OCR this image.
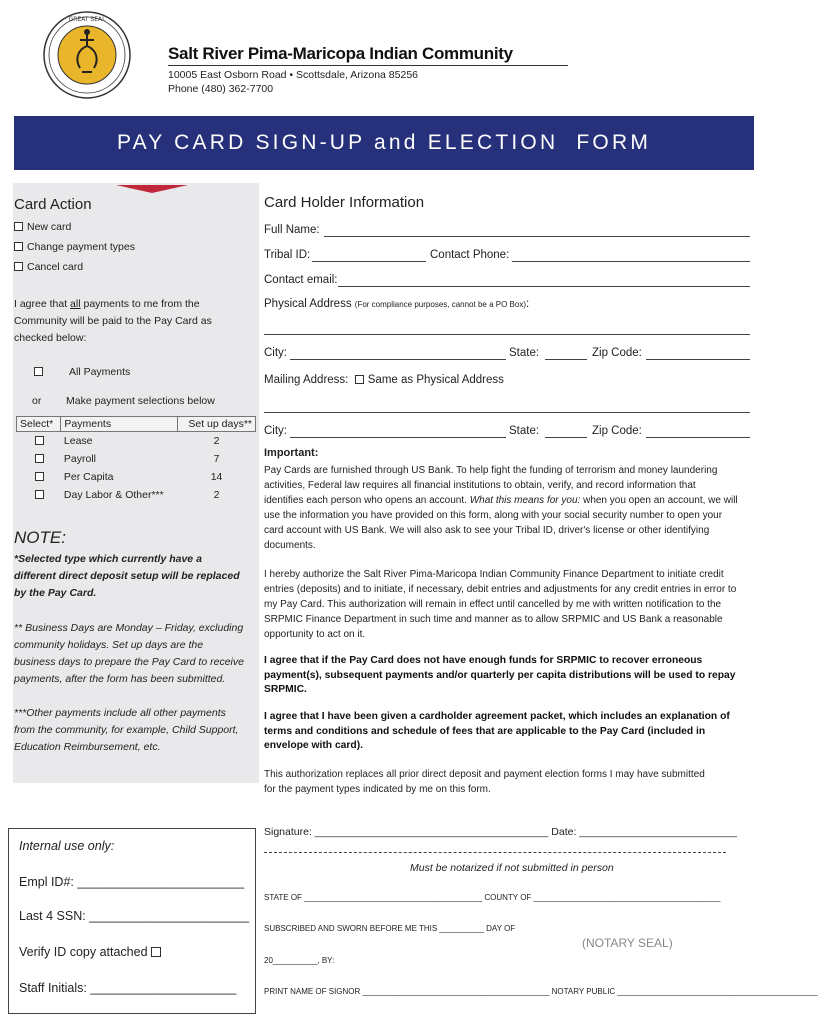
GREAT SEAL
Salt River Pima-Maricopa Indian Community
10005 East Osborn Road • Scottsdale, Arizona 85256
Phone (480) 362-7700
PAY CARD SIGN-UP and ELECTION  FORM
Card Action
New card
Change payment types
Cancel card
I agree that all payments to me from the
Community will be paid to the Pay Card as
checked below:
All Payments
or Make payment selections below
Select*	Payments	Set up days**
	Lease	2
	Payroll	7
	Per Capita	14
	Day Labor & Other***	2
NOTE:
*Selected type which currently have a
different direct deposit setup will be replaced
by the Pay Card.
** Business Days are Monday – Friday, excluding
community holidays. Set up days are the
business days to prepare the Pay Card to receive
payments, after the form has been submitted.
***Other payments include all other payments
from the community, for example, Child Support,
Education Reimbursement, etc.
Internal use only:
Empl ID#: ________________________
Last 4 SSN: _______________________
Verify ID copy attached
Staff Initials: _____________________
Card Holder Information
Full Name:
Tribal ID:	Contact Phone:
Contact email:
Physical Address (For compliance purposes, cannot be a PO Box):
City:	State:	Zip Code:
Mailing Address: Same as Physical Address
City:	State:	Zip Code:
Important:
Pay Cards are furnished through US Bank. To help fight the funding of terrorism and money laundering
activities, Federal law requires all financial institutions to obtain, verify, and record information that
identifies each person who opens an account. What this means for you: when you open an account, we will
use the information you have provided on this form, along with your social security number to open your
card account with US Bank. We will also ask to see your Tribal ID, driver's license or other identifying
documents.
I hereby authorize the Salt River Pima-Maricopa Indian Community Finance Department to initiate credit
entries (deposits) and to initiate, if necessary, debit entries and adjustments for any credit entries in error to
my Pay Card. This authorization will remain in effect until cancelled by me with written notification to the
SRPMIC Finance Department in such time and manner as to allow SRPMIC and US Bank a reasonable
opportunity to act on it.
I agree that if the Pay Card does not have enough funds for SRPMIC to recover erroneous
payment(s), subsequent payments and/or quarterly per capita distributions will be used to repay
SRPMIC.
I agree that I have been given a cardholder agreement packet, which includes an explanation of
terms and conditions and schedule of fees that are applicable to the Pay Card (included in
envelope with card).
This authorization replaces all prior direct deposit and payment election forms I may have submitted
for the payment types indicated by me on this form.
Signature: ________________________________________ Date: ___________________________
Must be notarized if not submitted in person
STATE OF ________________________________________ COUNTY OF __________________________________________
SUBSCRIBED AND SWORN BEFORE ME THIS __________ DAY OF
(NOTARY SEAL)
20__________, BY:
PRINT NAME OF SIGNOR __________________________________________ NOTARY PUBLIC _____________________________________________
